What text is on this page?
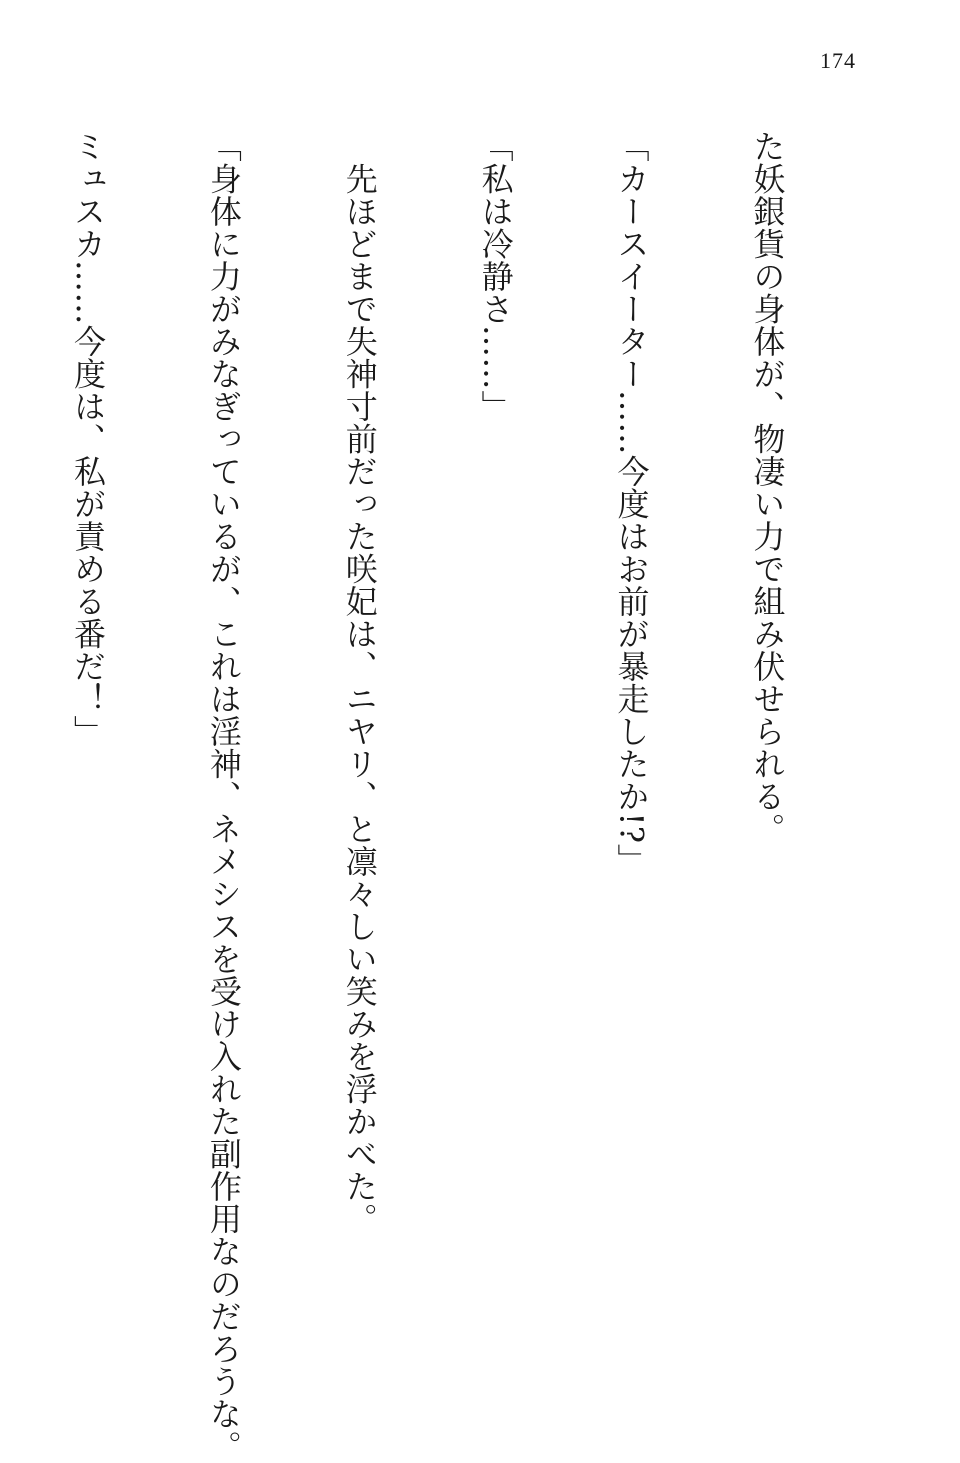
174

た妖銀貨の身体が、物凄い力で組み伏せられる。

「カースイーター……今度はお前が暴走したか!?」

「私は冷静さ……」

　先ほどまで失神寸前だった咲妃は、ニヤリ、と凛々しい笑みを浮かべた。

「身体に力がみなぎっているが、これは淫神、ネメシスを受け入れた副作用なのだろうな。

ミュスカ……今度は、私が責める番だ！」
